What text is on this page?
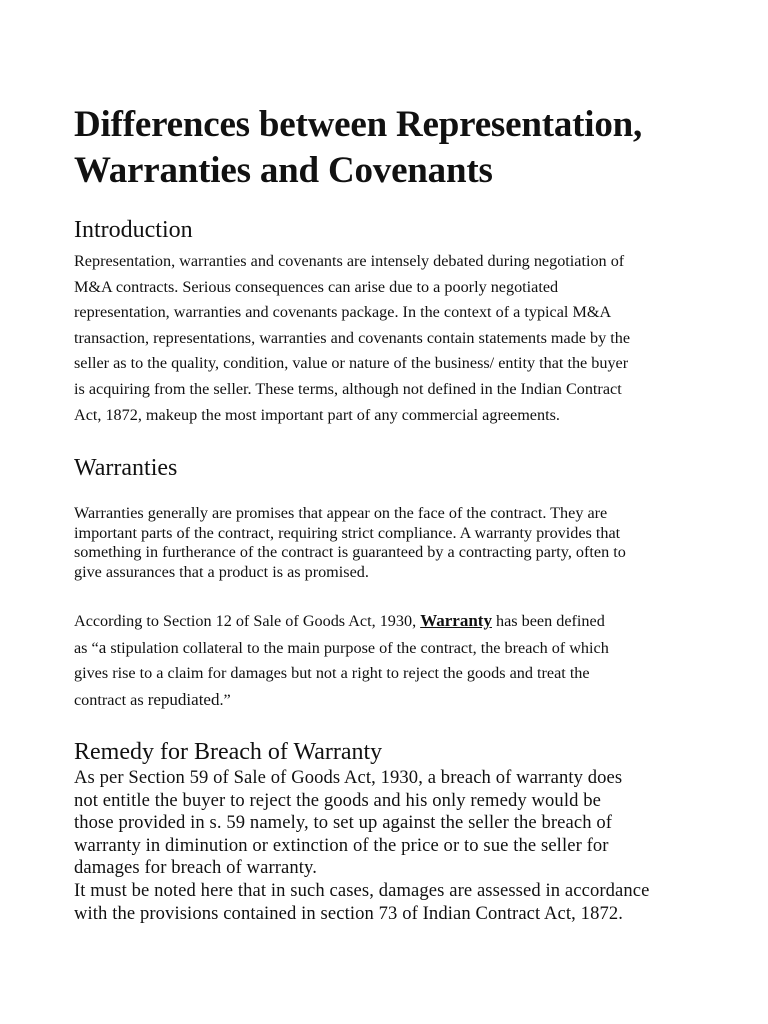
Differences between Representation,
Warranties and Covenants
Introduction

Representation, warranties and covenants are intensely debated during negotiation of
M&A contracts. Serious consequences can arise due to a poorly negotiated
representation, warranties and covenants package. In the context of a typical M&A
transaction, representations, warranties and covenants contain statements made by the
seller as to the quality, condition, value or nature of the business/ entity that the buyer
is acquiring from the seller. These terms, although not defined in the Indian Contract
Act, 1872, makeup the most important part of any commercial agreements.

Warranties

Warranties generally are promises that appear on the face of the contract. They are
important parts of the contract, requiring strict compliance. A warranty provides that
something in furtherance of the contract is guaranteed by a contracting party, often to
give assurances that a product is as promised.

According to Section 12 of Sale of Goods Act, 1930, Warranty has been defined
as “a stipulation collateral to the main purpose of the contract, the breach of which
gives rise to a claim for damages but not a right to reject the goods and treat the
contract as repudiated.”

Remedy for Breach of Warranty

As per Section 59 of Sale of Goods Act, 1930, a breach of warranty does
not entitle the buyer to reject the goods and his only remedy would be
those provided in s. 59 namely, to set up against the seller the breach of
warranty in diminution or extinction of the price or to sue the seller for
damages for breach of warranty.
It must be noted here that in such cases, damages are assessed in accordance
with the provisions contained in section 73 of Indian Contract Act, 1872.
